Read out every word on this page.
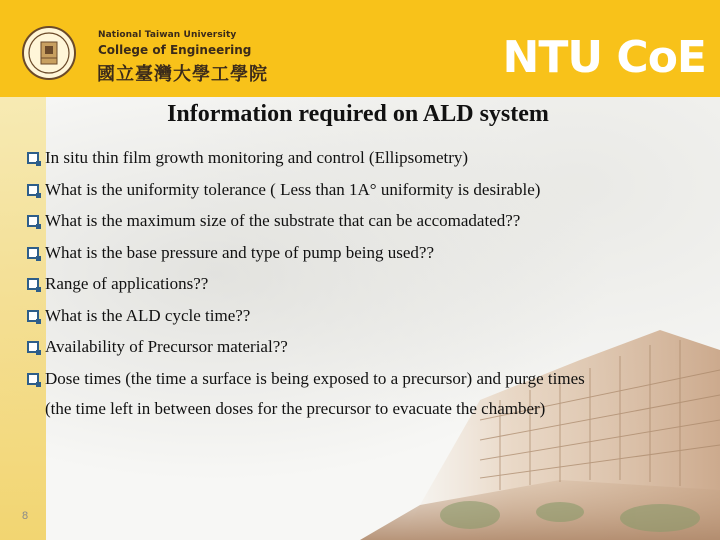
National Taiwan University
College of Engineering
國立臺灣大學工學院	NTU CoE
Information required on ALD system
In situ thin film growth monitoring and control (Ellipsometry)
What is the uniformity tolerance ( Less than 1A° uniformity is desirable)
What is the maximum size of the substrate that can be accomadated??
What is the base pressure and type of pump being used??
Range of applications??
What is the ALD cycle time??
Availability of Precursor material??
Dose times (the time a surface is being exposed to a precursor) and purge times
(the time left in between doses for the precursor to evacuate the chamber)
8
